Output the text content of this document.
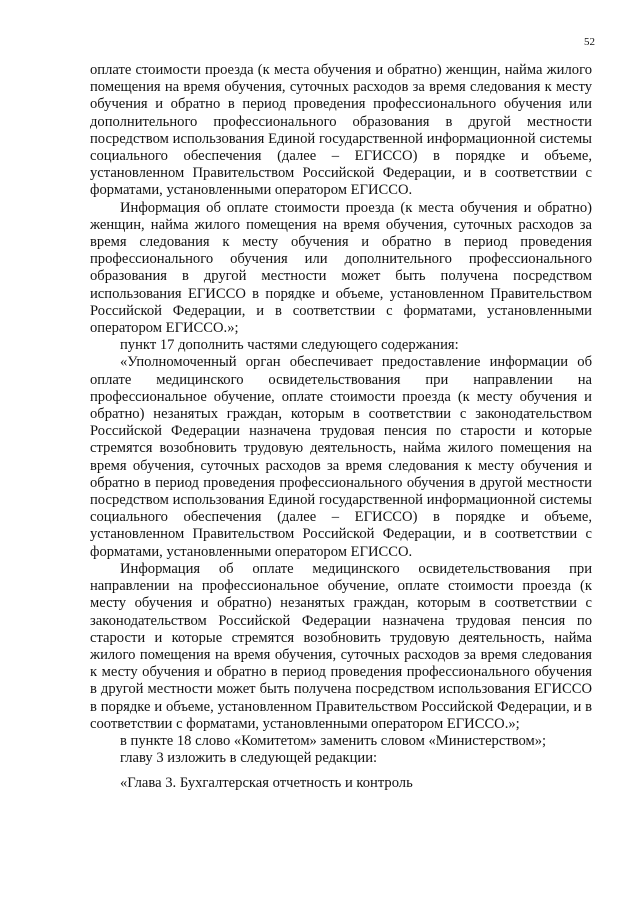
52

оплате стоимости проезда (к места обучения и обратно) женщин, найма жилого помещения на время обучения, суточных расходов за время следования к месту обучения и обратно в период проведения профессионального обучения или дополнительного профессионального образования в другой местности посредством использования Единой государственной информационной системы социального обеспечения (далее – ЕГИССО) в порядке и объеме, установленном Правительством Российской Федерации, и в соответствии с форматами, установленными оператором ЕГИССО.

Информация об оплате стоимости проезда (к места обучения и обратно) женщин, найма жилого помещения на время обучения, суточных расходов за время следования к месту обучения и обратно в период проведения профессионального обучения или дополнительного профессионального образования в другой местности может быть получена посредством использования ЕГИССО в порядке и объеме, установленном Правительством Российской Федерации, и в соответствии с форматами, установленными оператором ЕГИССО.»;

пункт 17 дополнить частями следующего содержания:

«Уполномоченный орган обеспечивает предоставление информации об оплате медицинского освидетельствования при направлении на профессиональное обучение, оплате стоимости проезда (к месту обучения и обратно) незанятых граждан, которым в соответствии с законодательством Российской Федерации назначена трудовая пенсия по старости и которые стремятся возобновить трудовую деятельность, найма жилого помещения на время обучения, суточных расходов за время следования к месту обучения и обратно в период проведения профессионального обучения в другой местности посредством использования Единой государственной информационной системы социального обеспечения (далее – ЕГИССО) в порядке и объеме, установленном Правительством Российской Федерации, и в соответствии с форматами, установленными оператором ЕГИССО.

Информация об оплате медицинского освидетельствования при направлении на профессиональное обучение, оплате стоимости проезда (к месту обучения и обратно) незанятых граждан, которым в соответствии с законодательством Российской Федерации назначена трудовая пенсия по старости и которые стремятся возобновить трудовую деятельность, найма жилого помещения на время обучения, суточных расходов за время следования к месту обучения и обратно в период проведения профессионального обучения в другой местности может быть получена посредством использования ЕГИССО в порядке и объеме, установленном Правительством Российской Федерации, и в соответствии с форматами, установленными оператором ЕГИССО.»;

в пункте 18 слово «Комитетом» заменить словом «Министерством»;

главу 3 изложить в следующей редакции:

«Глава 3. Бухгалтерская отчетность и контроль
